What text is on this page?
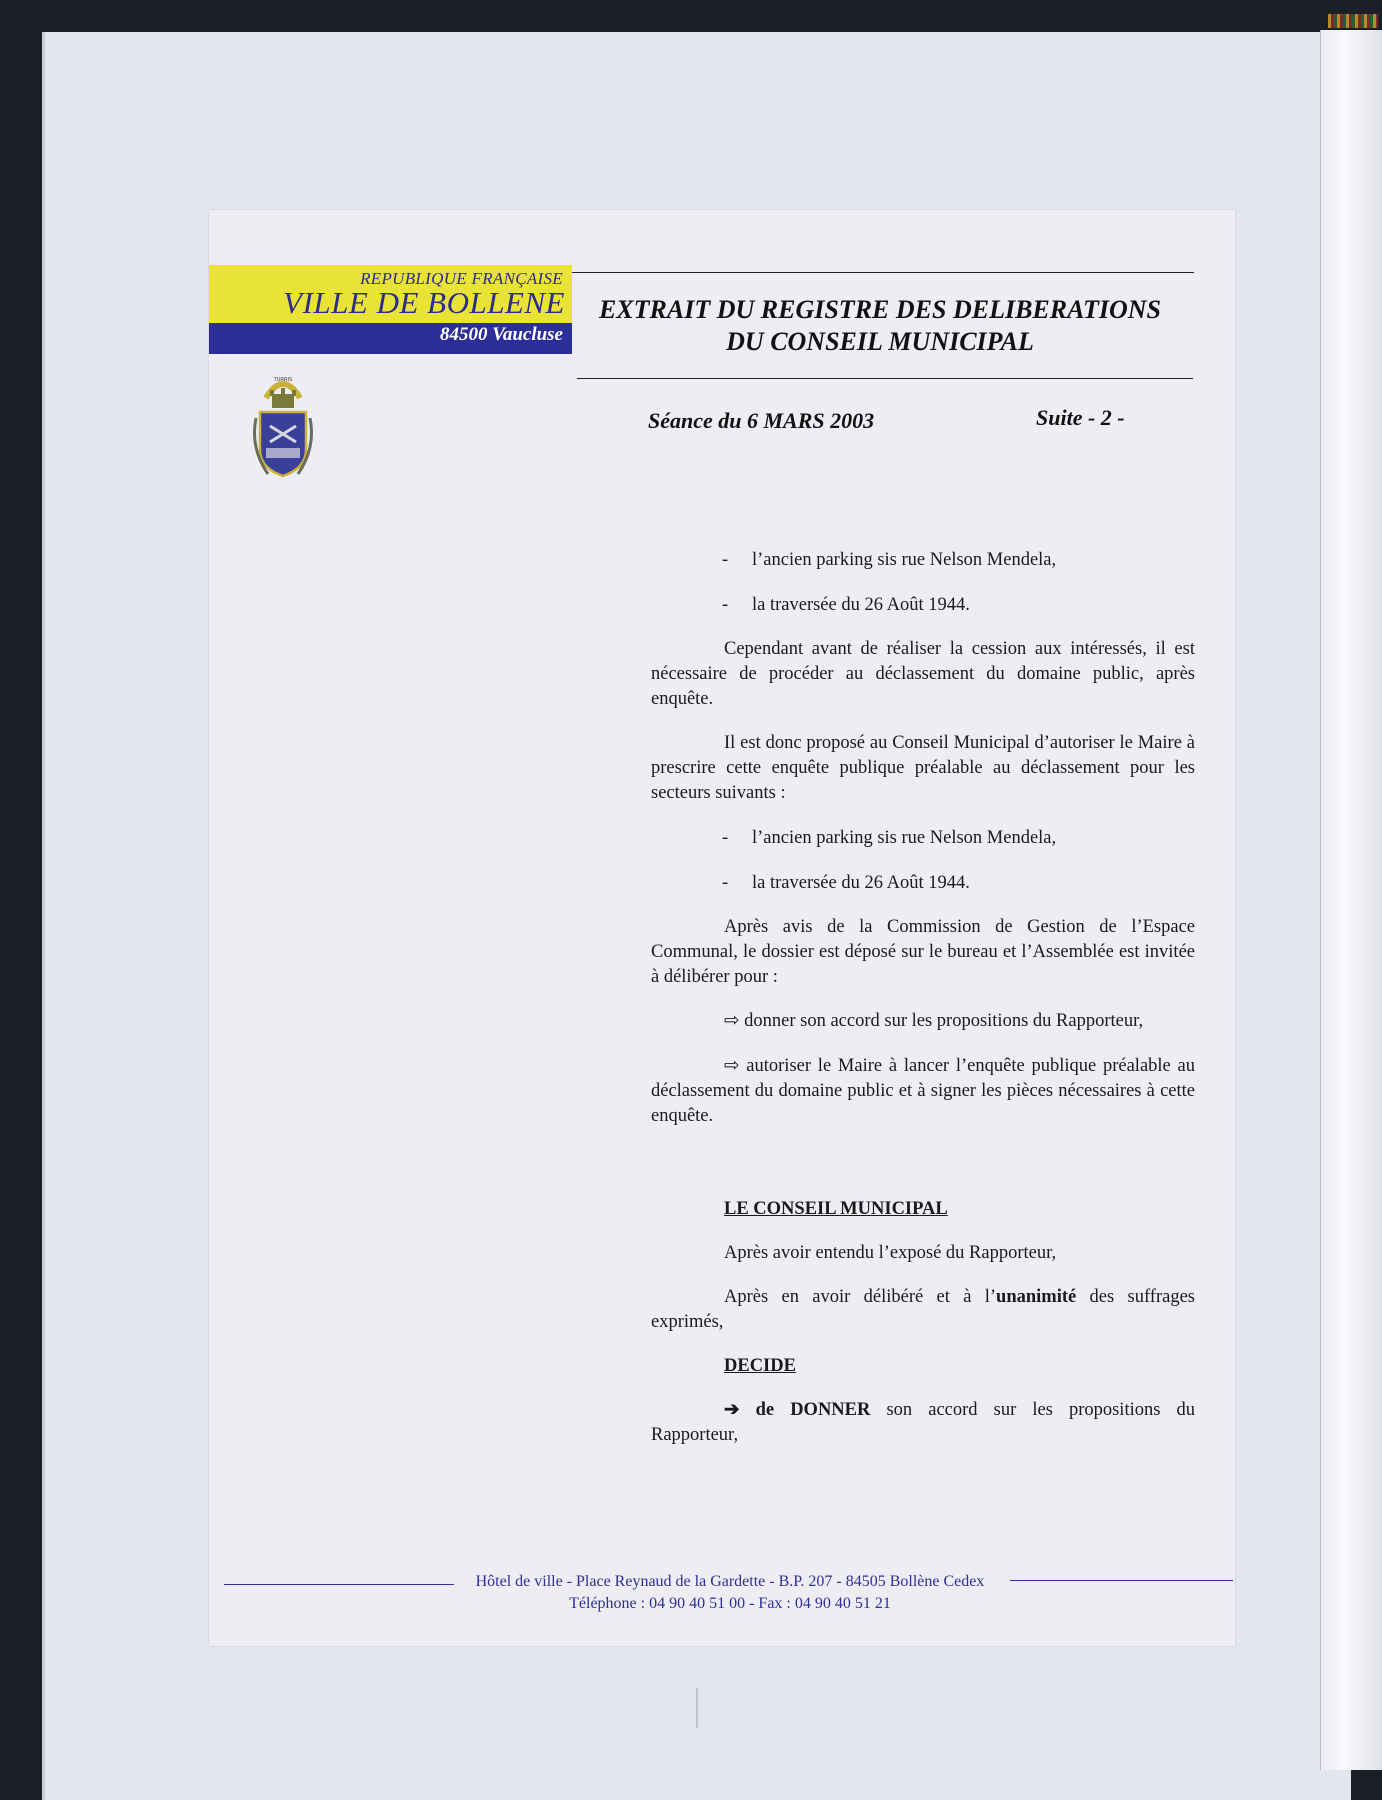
REPUBLIQUE FRANÇAISE
VILLE DE BOLLENE
84500 Vaucluse
TURRIS
EXTRAIT DU REGISTRE DES DELIBERATIONS
DU CONSEIL MUNICIPAL
Séance du 6 MARS 2003	Suite - 2 -

- l’ancien parking sis rue Nelson Mendela,

- la traversée du 26 Août 1944.

Cependant avant de réaliser la cession aux intéressés, il est nécessaire de procéder au déclassement du domaine public, après enquête.

Il est donc proposé au Conseil Municipal d’autoriser le Maire à prescrire cette enquête publique préalable au déclassement pour les secteurs suivants :

- l’ancien parking sis rue Nelson Mendela,

- la traversée du 26 Août 1944.

Après avis de la Commission de Gestion de l’Espace Communal, le dossier est déposé sur le bureau et l’Assemblée est invitée à délibérer pour :

⇨ donner son accord sur les propositions du Rapporteur,

⇨ autoriser le Maire à lancer l’enquête publique préalable au déclassement du domaine public et à signer les pièces nécessaires à cette enquête.

LE CONSEIL MUNICIPAL

Après avoir entendu l’exposé du Rapporteur,

Après en avoir délibéré et à l’unanimité des suffrages exprimés,

DECIDE

➔ de DONNER son accord sur les propositions du Rapporteur,

Hôtel de ville - Place Reynaud de la Gardette - B.P. 207 - 84505 Bollène Cedex
Téléphone : 04 90 40 51 00 - Fax : 04 90 40 51 21
